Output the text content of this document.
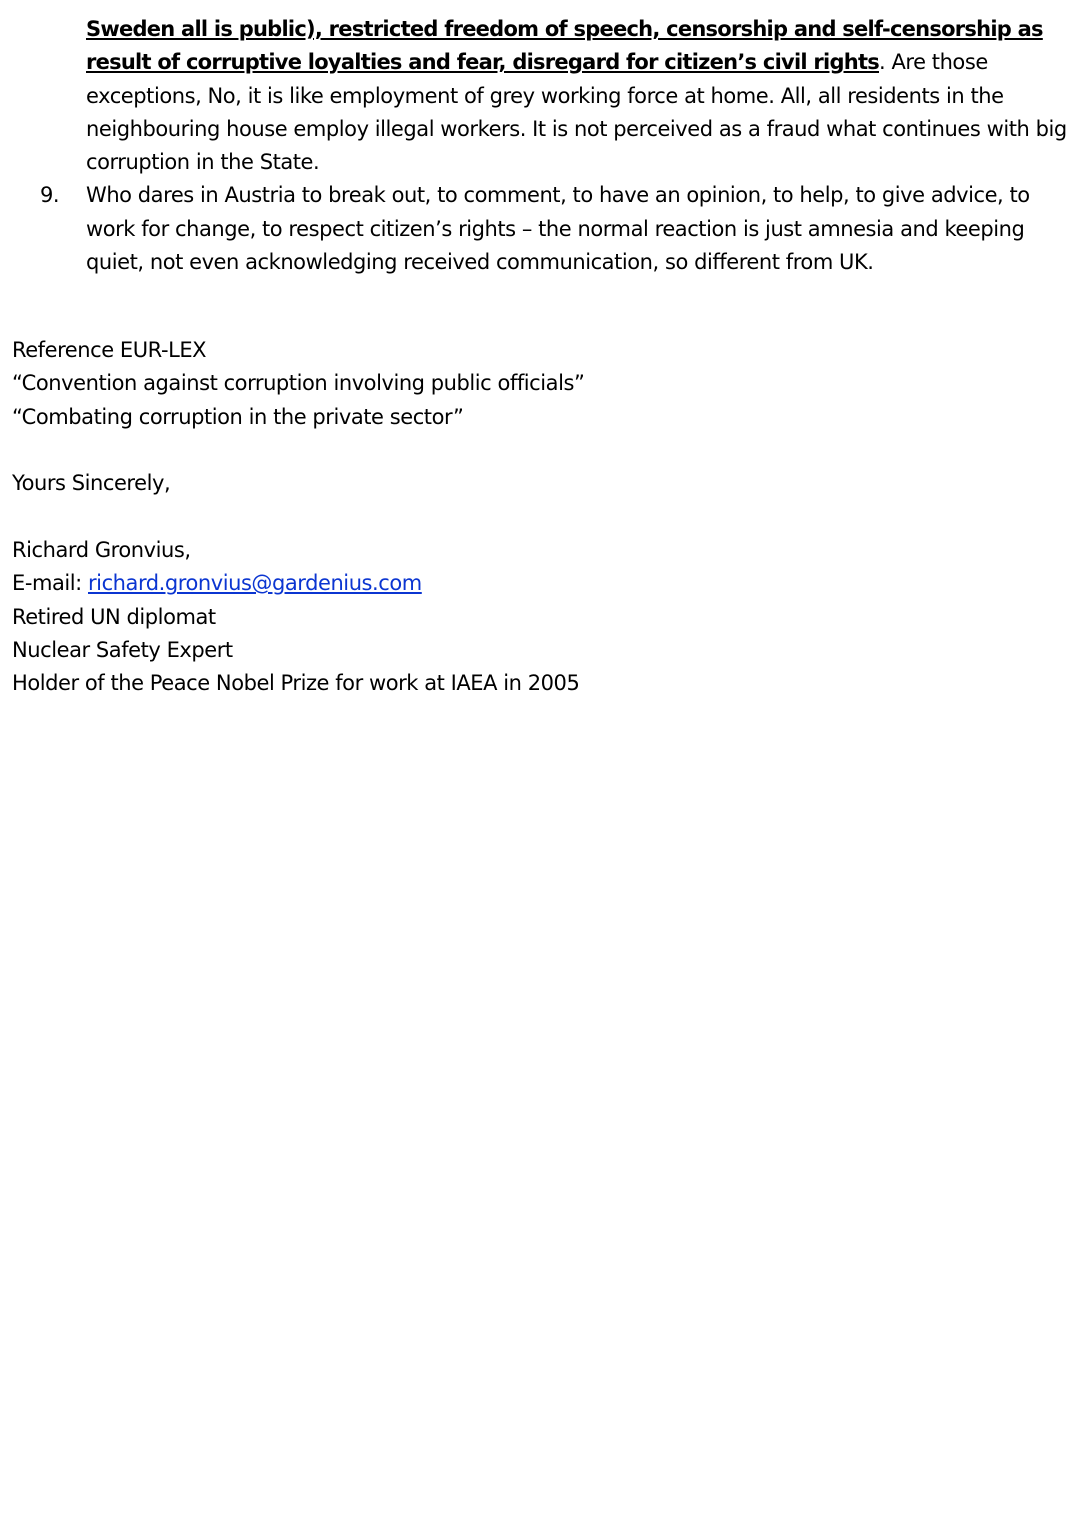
Sweden all is public), restricted freedom of speech, censorship and self-censorship as result of corruptive loyalties and fear, disregard for citizen’s civil rights. Are those exceptions, No, it is like employment of grey working force at home. All, all residents in the neighbouring house employ illegal workers. It is not perceived as a fraud what continues with big corruption in the State.
9. Who dares in Austria to break out, to comment, to have an opinion, to help, to give advice, to work for change, to respect citizen’s rights – the normal reaction is just amnesia and keeping quiet, not even acknowledging received communication, so different from UK.
Reference EUR-LEX
“Convention against corruption involving public officials”
“Combating corruption in the private sector”
Yours Sincerely,
Richard Gronvius,
E-mail: richard.gronvius@gardenius.com
Retired UN diplomat
Nuclear Safety Expert
Holder of the Peace Nobel Prize for work at IAEA in 2005
